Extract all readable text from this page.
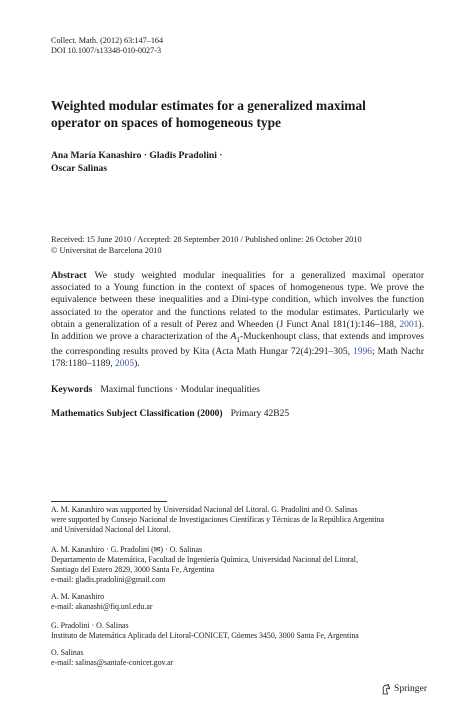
Collect. Math. (2012) 63:147–164
DOI 10.1007/s13348-010-0027-3
Weighted modular estimates for a generalized maximal
operator on spaces of homogeneous type
Ana María Kanashiro · Gladis Pradolini ·
Oscar Salinas
Received: 15 June 2010 / Accepted: 28 September 2010 / Published online: 26 October 2010
© Universitat de Barcelona 2010
Abstract We study weighted modular inequalities for a generalized maximal operator associated to a Young function in the context of spaces of homogeneous type. We prove the equivalence between these inequalities and a Dini-type condition, which involves the function associated to the operator and the functions related to the modular estimates. Particularly we obtain a generalization of a result of Perez and Wheeden (J Funct Anal 181(1):146–188, 2001). In addition we prove a characterization of the $A_1$-Muckenhoupt class, that extends and improves the corresponding results proved by Kita (Acta Math Hungar 72(4):291–305, 1996; Math Nachr 178:1180–1189, 2005).
Keywords Maximal functions · Modular inequalities
Mathematics Subject Classification (2000) Primary 42B25
A. M. Kanashiro was supported by Universidad Nacional del Litoral. G. Pradolini and O. Salinas
were supported by Consejo Nacional de Investigaciones Científicas y Técnicas de la República Argentina
and Universidad Nacional del Litoral.
A. M. Kanashiro · G. Pradolini (✉) · O. Salinas
Departamento de Matemática, Facultad de Ingeniería Química, Universidad Nacional del Litoral,
Santiago del Estero 2829, 3000 Santa Fe, Argentina
e-mail: gladis.pradolini@gmail.com
A. M. Kanashiro
e-mail: akanashi@fiq.unl.edu.ar
G. Pradolini · O. Salinas
Instituto de Matemática Aplicada del Litoral-CONICET, Güemes 3450, 3000 Santa Fe, Argentina
O. Salinas
e-mail: salinas@santafe-conicet.gov.ar
Springer
